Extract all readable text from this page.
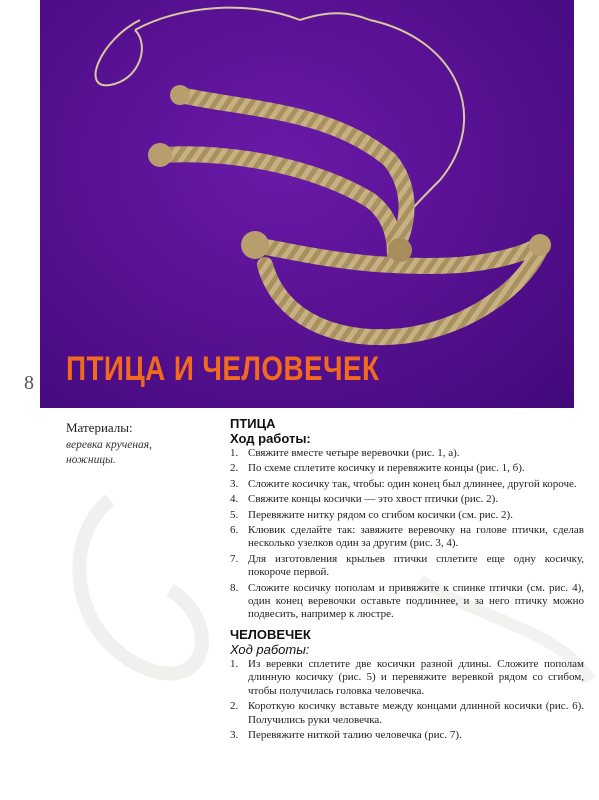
8 ПТИЦА И ЧЕЛОВЕЧЕК
Материалы:
веревка крученая,
ножницы.
ПТИЦА
Ход работы:
1. Свяжите вместе четыре веревочки (рис. 1, а).
2. По схеме сплетите косичку и перевяжите концы (рис. 1, б).
3. Сложите косичку так, чтобы: один конец был длиннее, другой короче.
4. Свяжите концы косички — это хвост птички (рис. 2).
5. Перевяжите нитку рядом со сгибом косички (см. рис. 2).
6. Клювик сделайте так: завяжите веревочку на голове птички, сделав несколько узелков один за другим (рис. 3, 4).
7. Для изготовления крыльев птички сплетите еще одну косичку, покороче первой.
8. Сложите косичку пополам и привяжите к спинке птички (см. рис. 4), один конец веревочки оставьте подлиннее, и за него птичку можно подвесить, например к люстре.
ЧЕЛОВЕЧЕК
Ход работы:
1. Из веревки сплетите две косички разной длины. Сложите пополам длинную косичку (рис. 5) и перевяжите веревкой рядом со сгибом, чтобы получилась головка человечка.
2. Короткую косичку вставьте между концами длинной косички (рис. 6). Получились руки человечка.
3. Перевяжите ниткой талию человечка (рис. 7).
